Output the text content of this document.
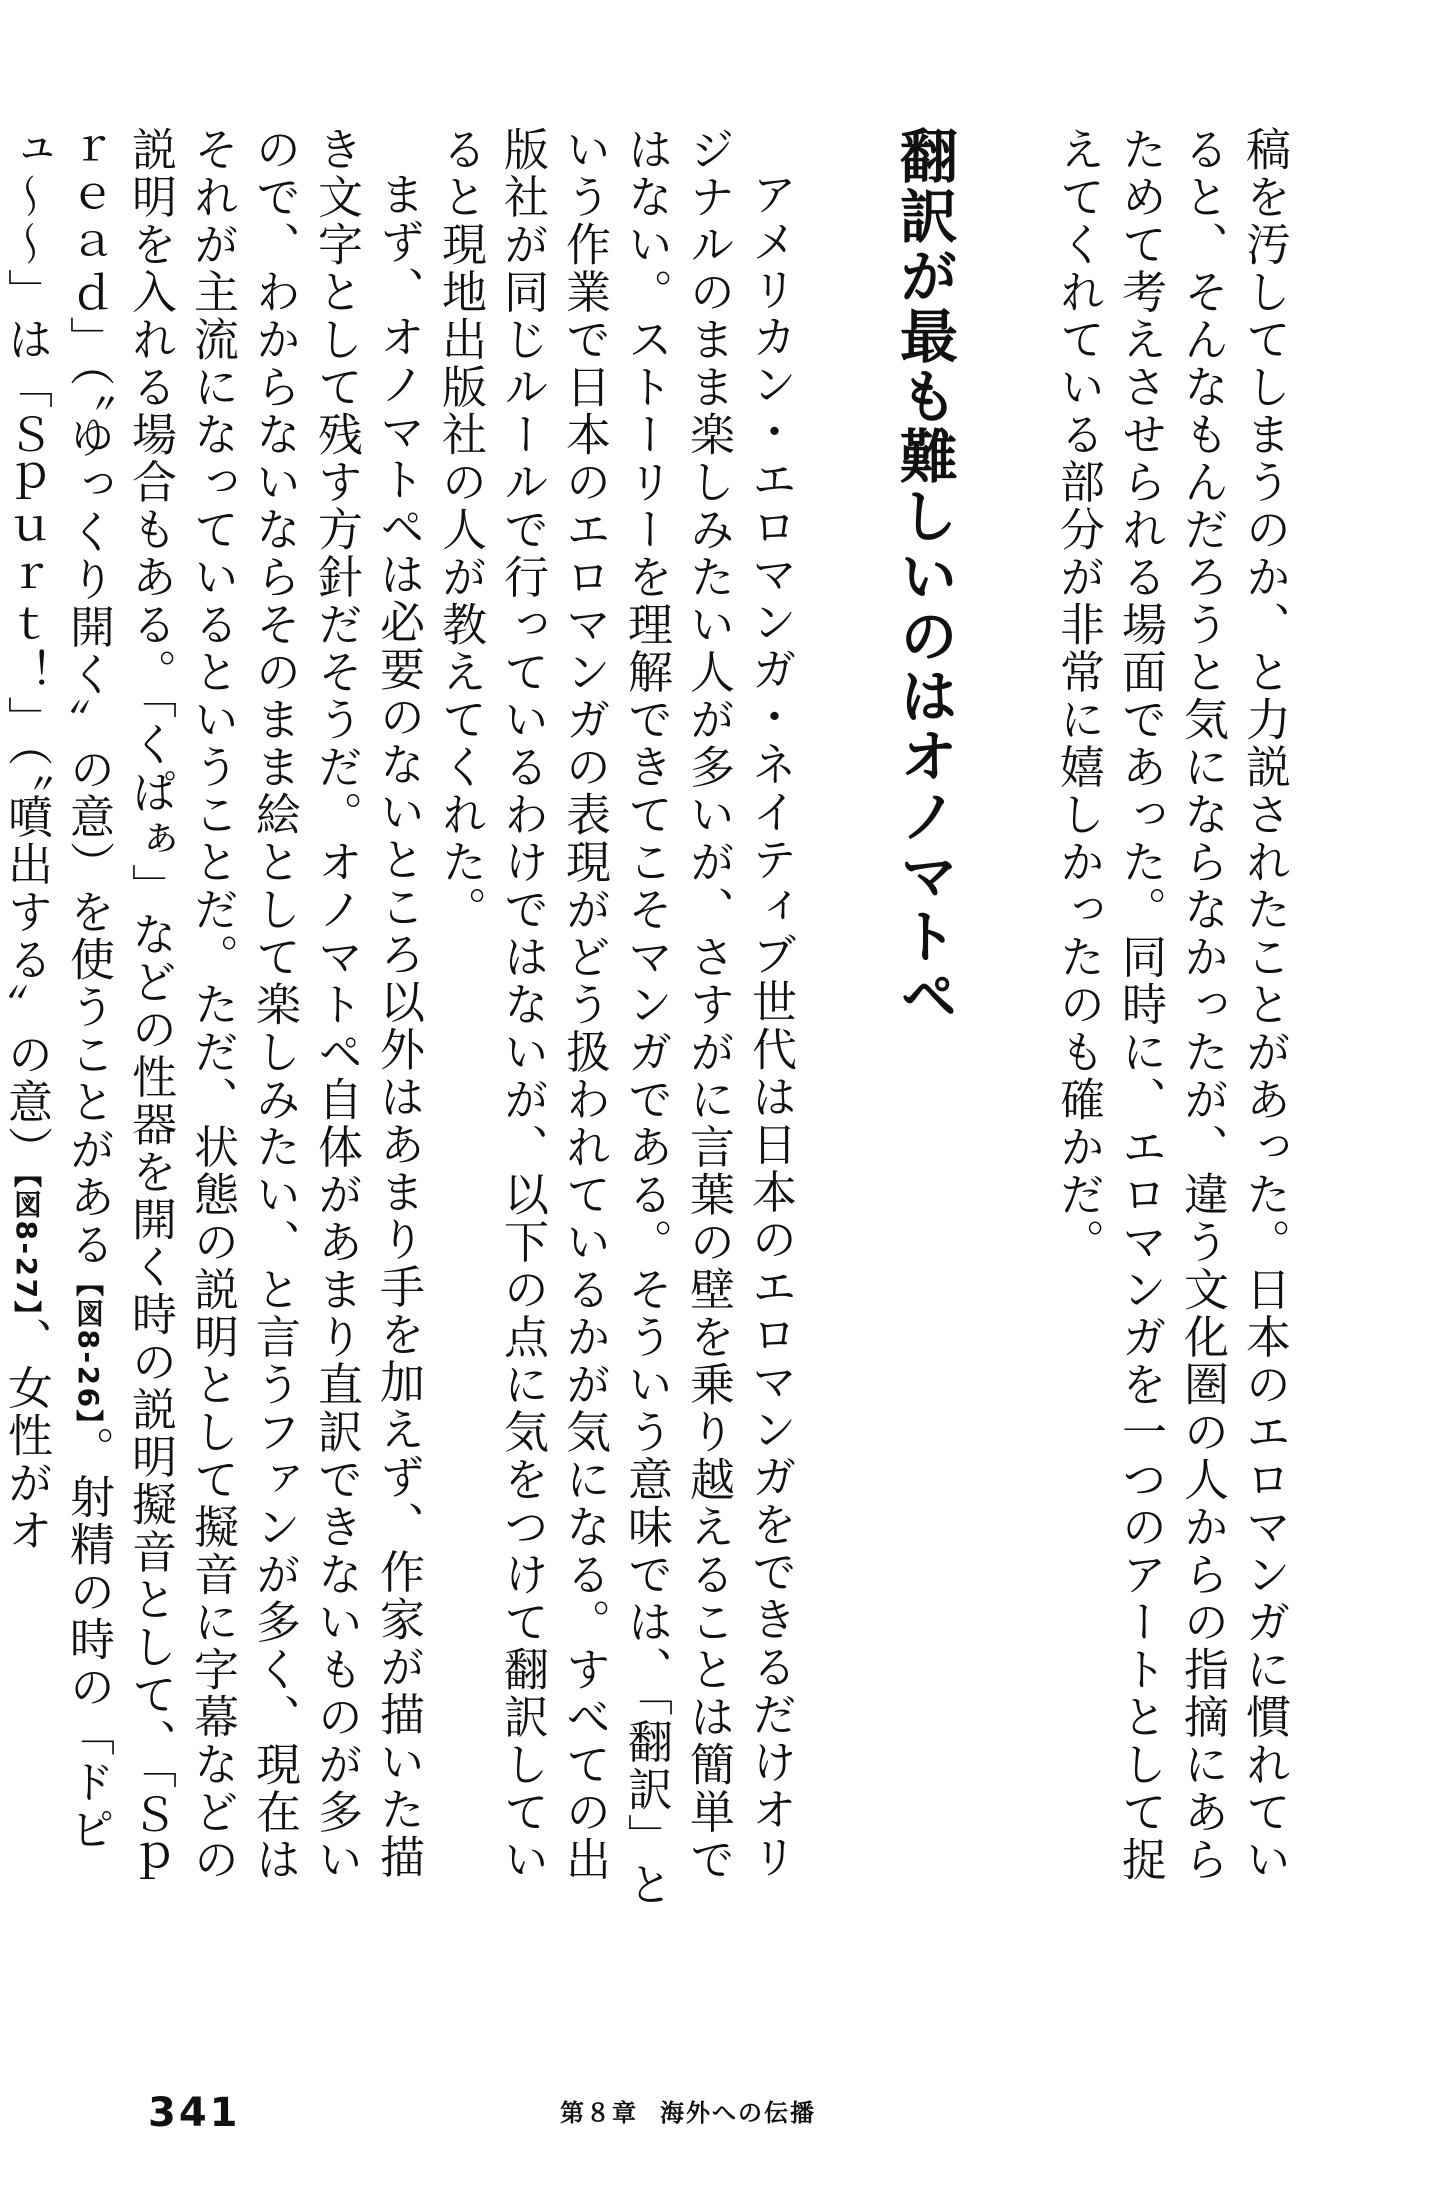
稿を汚してしまうのか、と力説されたことがあった。日本のエロマンガに慣れていると、そんなもんだろうと気にならなかったが、違う文化圏の人からの指摘にあらためて考えさせられる場面であった。同時に、エロマンガを一つのアートとして捉えてくれている部分が非常に嬉しかったのも確かだ。

翻訳が最も難しいのはオノマトペ

アメリカン・エロマンガ・ネイティブ世代は日本のエロマンガをできるだけオリジナルのまま楽しみたい人が多いが、さすがに言葉の壁を乗り越えることは簡単ではない。ストーリーを理解できてこそマンガである。そういう意味では、「翻訳」という作業で日本のエロマンガの表現がどう扱われているかが気になる。すべての出版社が同じルールで行っているわけではないが、以下の点に気をつけて翻訳していると現地出版社の人が教えてくれた。

まず、オノマトペは必要のないところ以外はあまり手を加えず、作家が描いた描き文字として残す方針だそうだ。オノマトペ自体があまり直訳できないものが多いので、わからないならそのまま絵として楽しみたい、と言うファンが多く、現在はそれが主流になっているということだ。ただ、状態の説明として擬音に字幕などの説明を入れる場合もある。「くぱぁ」などの性器を開く時の説明擬音として、「Ｓｐｒｅａｄ」（〝ゆっくり開く〟の意）を使うことがある【図8-26】。射精の時の「ドピュ〜〜」は「Ｓｐｕｒｔ！」（〝噴出する〟の意）【図8-27】、女性がオ

341	第８章 海外への伝播
